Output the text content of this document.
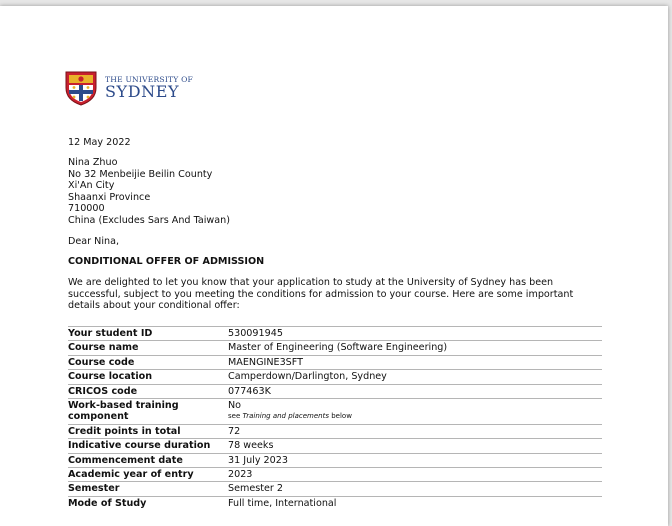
THE UNIVERSITY OF
SYDNEY
12 May 2022
Nina Zhuo
No 32 Menbeijie Beilin County
Xi'An City
Shaanxi Province
710000
China (Excludes Sars And Taiwan)
Dear Nina,
CONDITIONAL OFFER OF ADMISSION
We are delighted to let you know that your application to study at the University of Sydney has been successful, subject to you meeting the conditions for admission to your course. Here are some important details about your conditional offer:
Your student ID	530091945
Course name	Master of Engineering (Software Engineering)
Course code	MAENGINE3SFT
Course location	Camperdown/Darlington, Sydney
CRICOS code	077463K
Work-based training component	No
see Training and placements below

Credit points in total	72
Indicative course duration	78 weeks
Commencement date	31 July 2023
Academic year of entry	2023
Semester	Semester 2
Mode of Study	Full time, International
